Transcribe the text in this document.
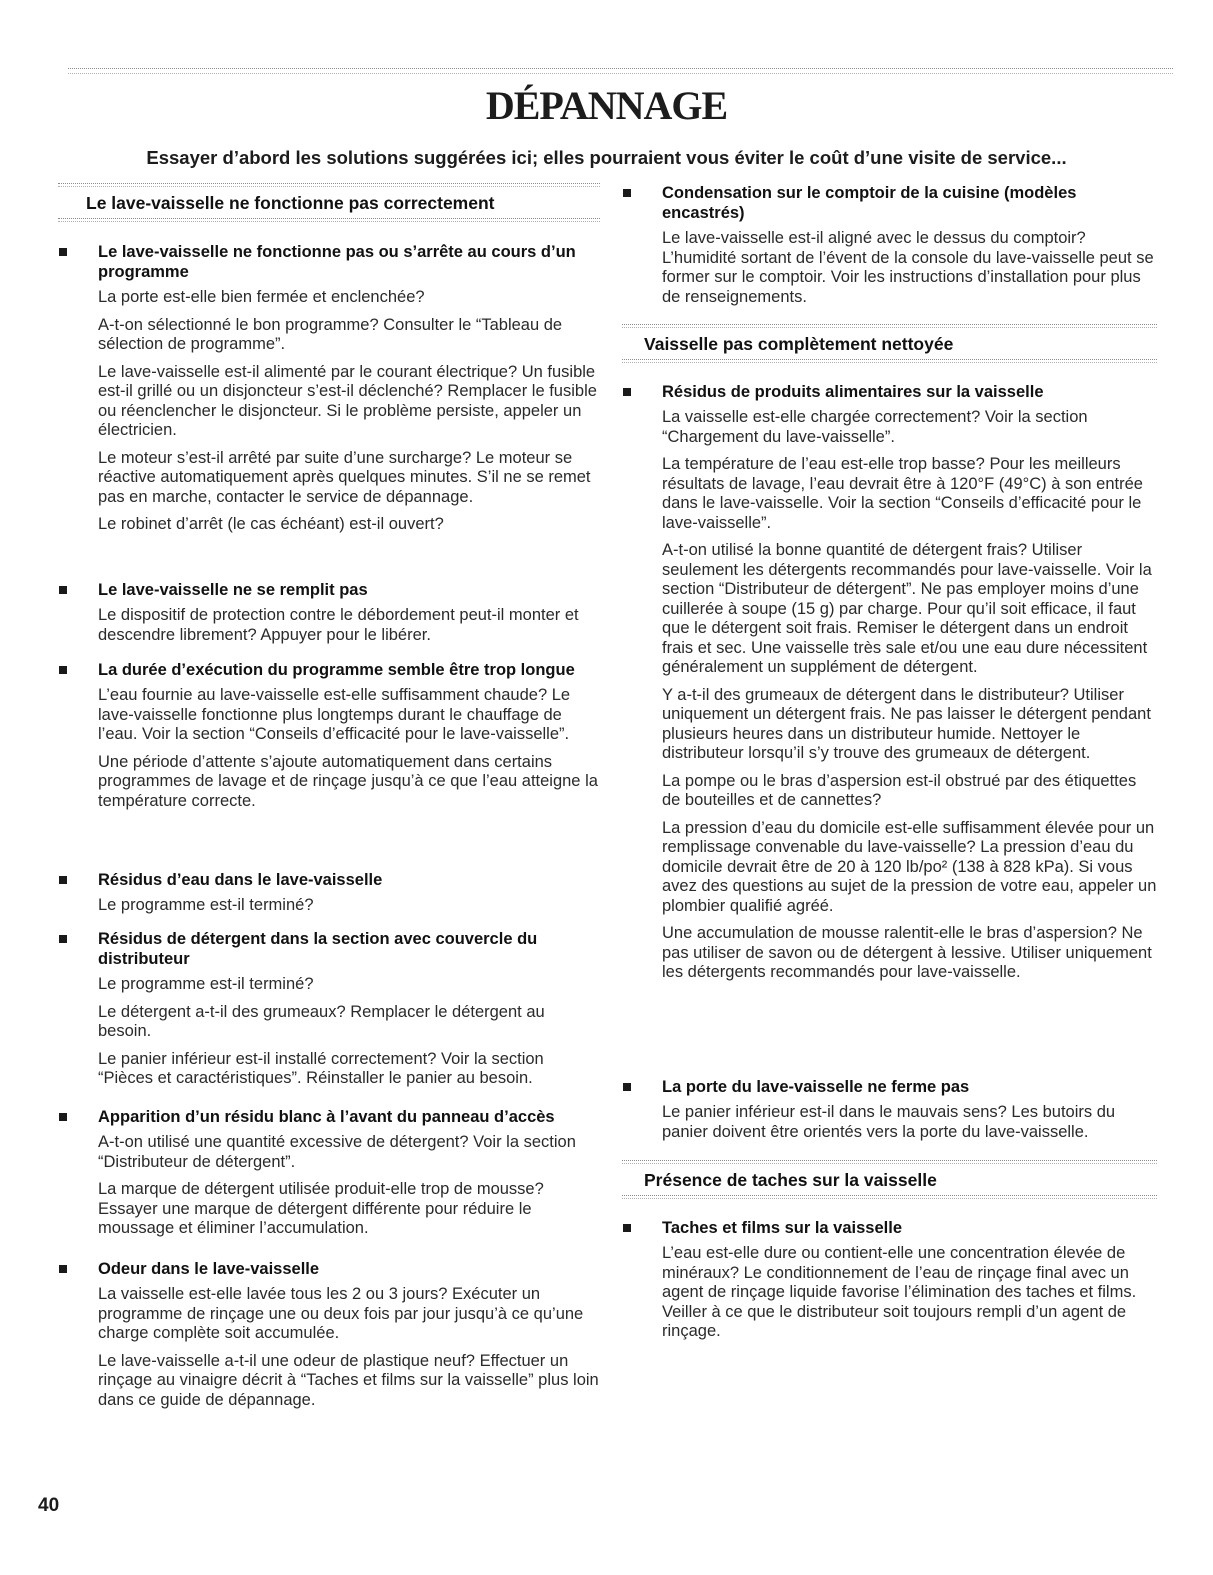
DÉPANNAGE

Essayer d’abord les solutions suggérées ici; elles pourraient vous éviter le coût d’une visite de service...

Le lave-vaisselle ne fonctionne pas correctement

Le lave-vaisselle ne fonctionne pas ou s’arrête au cours d’un programme

La porte est-elle bien fermée et enclenchée?

A-t-on sélectionné le bon programme? Consulter le “Tableau de sélection de programme”.

Le lave-vaisselle est-il alimenté par le courant électrique? Un fusible est-il grillé ou un disjoncteur s’est-il déclenché? Remplacer le fusible ou réenclencher le disjoncteur. Si le problème persiste, appeler un électricien.

Le moteur s’est-il arrêté par suite d’une surcharge? Le moteur se réactive automatiquement après quelques minutes. S’il ne se remet pas en marche, contacter le service de dépannage.

Le robinet d’arrêt (le cas échéant) est-il ouvert?

Le lave-vaisselle ne se remplit pas

Le dispositif de protection contre le débordement peut-il monter et descendre librement? Appuyer pour le libérer.

La durée d’exécution du programme semble être trop longue

L’eau fournie au lave-vaisselle est-elle suffisamment chaude? Le lave-vaisselle fonctionne plus longtemps durant le chauffage de l’eau. Voir la section “Conseils d’efficacité pour le lave-vaisselle”.

Une période d’attente s’ajoute automatiquement dans certains programmes de lavage et de rinçage jusqu’à ce que l’eau atteigne la température correcte.

Résidus d’eau dans le lave-vaisselle

Le programme est-il terminé?

Résidus de détergent dans la section avec couvercle du distributeur

Le programme est-il terminé?

Le détergent a-t-il des grumeaux? Remplacer le détergent au besoin.

Le panier inférieur est-il installé correctement? Voir la section “Pièces et caractéristiques”. Réinstaller le panier au besoin.

Apparition d’un résidu blanc à l’avant du panneau d’accès

A-t-on utilisé une quantité excessive de détergent? Voir la section “Distributeur de détergent”.

La marque de détergent utilisée produit-elle trop de mousse? Essayer une marque de détergent différente pour réduire le moussage et éliminer l’accumulation.

Odeur dans le lave-vaisselle

La vaisselle est-elle lavée tous les 2 ou 3 jours? Exécuter un programme de rinçage une ou deux fois par jour jusqu’à ce qu’une charge complète soit accumulée.

Le lave-vaisselle a-t-il une odeur de plastique neuf? Effectuer un rinçage au vinaigre décrit à “Taches et films sur la vaisselle” plus loin dans ce guide de dépannage.

Condensation sur le comptoir de la cuisine (modèles encastrés)

Le lave-vaisselle est-il aligné avec le dessus du comptoir? L’humidité sortant de l’évent de la console du lave-vaisselle peut se former sur le comptoir. Voir les instructions d’installation pour plus de renseignements.

Vaisselle pas complètement nettoyée

Résidus de produits alimentaires sur la vaisselle

La vaisselle est-elle chargée correctement? Voir la section “Chargement du lave-vaisselle”.

La température de l’eau est-elle trop basse? Pour les meilleurs résultats de lavage, l’eau devrait être à 120°F (49°C) à son entrée dans le lave-vaisselle. Voir la section “Conseils d’efficacité pour le lave-vaisselle”.

A-t-on utilisé la bonne quantité de détergent frais? Utiliser seulement les détergents recommandés pour lave-vaisselle. Voir la section “Distributeur de détergent”. Ne pas employer moins d’une cuillerée à soupe (15 g) par charge. Pour qu’il soit efficace, il faut que le détergent soit frais. Remiser le détergent dans un endroit frais et sec. Une vaisselle très sale et/ou une eau dure nécessitent généralement un supplément de détergent.

Y a-t-il des grumeaux de détergent dans le distributeur? Utiliser uniquement un détergent frais. Ne pas laisser le détergent pendant plusieurs heures dans un distributeur humide. Nettoyer le distributeur lorsqu’il s’y trouve des grumeaux de détergent.

La pompe ou le bras d’aspersion est-il obstrué par des étiquettes de bouteilles et de cannettes?

La pression d’eau du domicile est-elle suffisamment élevée pour un remplissage convenable du lave-vaisselle? La pression d’eau du domicile devrait être de 20 à 120 lb/po² (138 à 828 kPa). Si vous avez des questions au sujet de la pression de votre eau, appeler un plombier qualifié agréé.

Une accumulation de mousse ralentit-elle le bras d’aspersion? Ne pas utiliser de savon ou de détergent à lessive. Utiliser uniquement les détergents recommandés pour lave-vaisselle.

La porte du lave-vaisselle ne ferme pas

Le panier inférieur est-il dans le mauvais sens? Les butoirs du panier doivent être orientés vers la porte du lave-vaisselle.

Présence de taches sur la vaisselle

Taches et films sur la vaisselle

L’eau est-elle dure ou contient-elle une concentration élevée de minéraux? Le conditionnement de l’eau de rinçage final avec un agent de rinçage liquide favorise l’élimination des taches et films. Veiller à ce que le distributeur soit toujours rempli d’un agent de rinçage.

40
